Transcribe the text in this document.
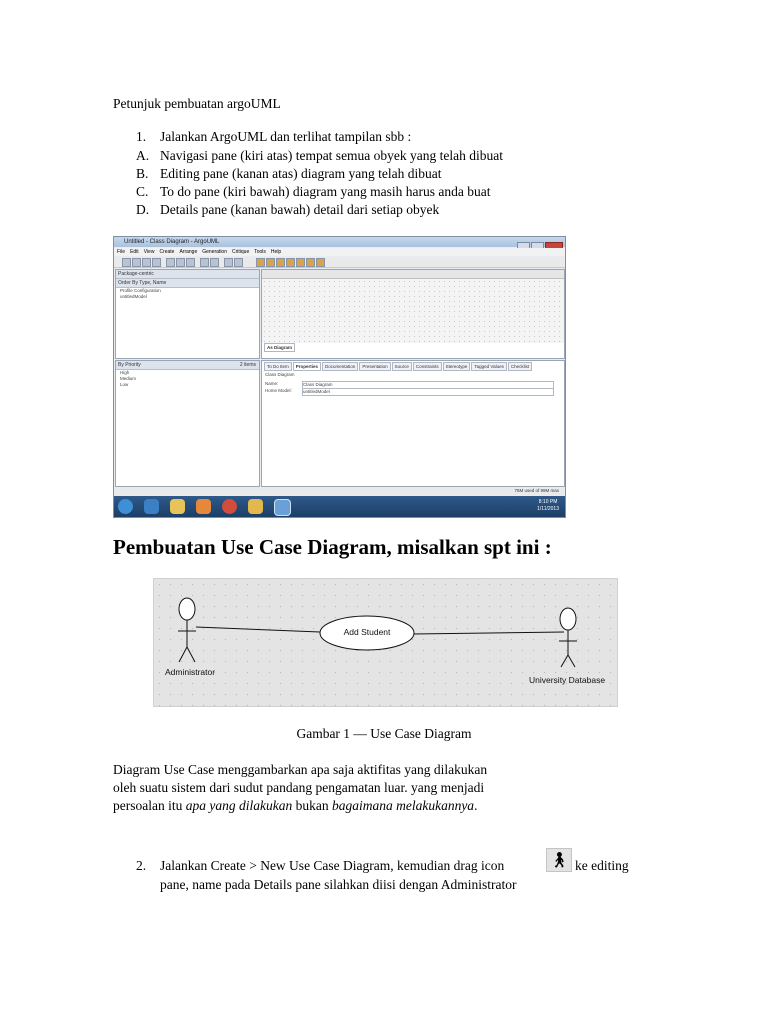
Petunjuk pembuatan argoUML
1. Jalankan ArgoUML dan terlihat tampilan sbb :
A. Navigasi pane (kiri atas) tempat semua obyek yang telah dibuat
B. Editing pane (kanan atas) diagram yang telah dibuat
C. To do pane (kiri bawah) diagram yang masih harus anda buat
D. Details pane (kanan bawah) detail dari setiap obyek
Untitled - Class Diagram - ArgoUML
File Edit View Create Arrange Generation Critique Tools Help
Package-centric
Order By Type, Name
Profile Configuration
untitledModel
As Diagram
By Priority	2 items
High
Medium
Low
To Do Item Properties Documentation Presentation Source Constraints Stereotype Tagged Values Checklist
Class Diagram
Name:	Class Diagram
Home Model: untitledModel
75M used of 99M max
8:10 PM
1/11/2013
Pembuatan Use Case Diagram, misalkan spt ini :
Administrator
Add Student
University Database
Gambar 1 — Use Case Diagram
Diagram Use Case menggambarkan apa saja aktifitas yang dilakukan
oleh suatu sistem dari sudut pandang pengamatan luar. yang menjadi
persoalan itu apa yang dilakukan bukan bagaimana melakukannya.
2. Jalankan Create > New Use Case Diagram, kemudian drag icon	🚶︎ ke editing
pane, name pada Details pane silahkan diisi dengan Administrator
